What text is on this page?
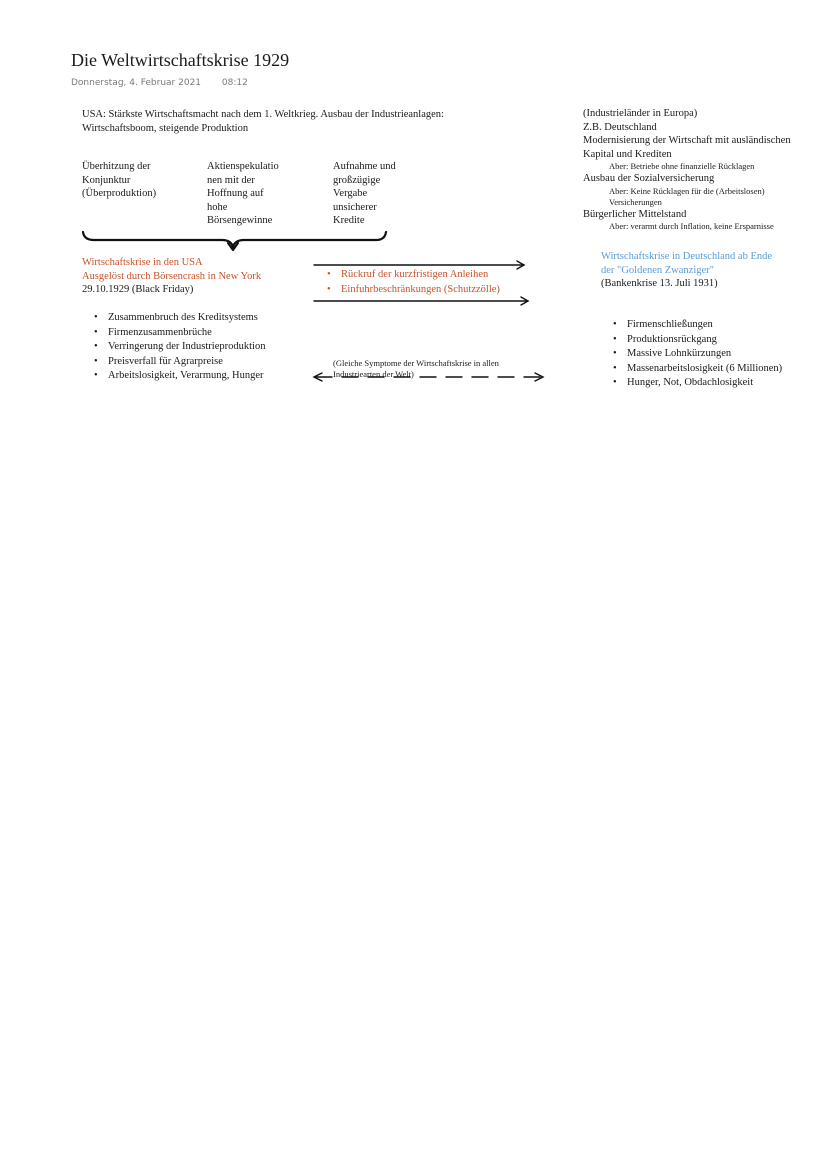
Die Weltwirtschaftskrise 1929
Donnerstag, 4. Februar 2021 08:12
USA: Stärkste Wirtschaftsmacht nach dem 1. Weltkrieg. Ausbau der Industrieanlagen:
Wirtschaftsboom, steigende Produktion
Überhitzung der
Konjunktur
(Überproduktion)
Aktienspekulatio
nen mit der
Hoffnung auf
hohe
Börsengewinne
Aufnahme und
großzügige
Vergabe
unsicherer
Kredite
Wirtschaftskrise in den USA
Ausgelöst durch Börsencrash in New York
29.10.1929 (Black Friday)
• Zusammenbruch des Kreditsystems
• Firmenzusammenbrüche
• Verringerung der Industrieproduktion
• Preisverfall für Agrarpreise
• Arbeitslosigkeit, Verarmung, Hunger
• Rückruf der kurzfristigen Anleihen
• Einfuhrbeschränkungen (Schutzzölle)
(Gleiche Symptome der Wirtschaftskrise in allen
Industriearten der Welt)
(Industrieländer in Europa)
Z.B. Deutschland
Modernisierung der Wirtschaft mit ausländischen
Kapital und Krediten
Aber: Betriebe ohne finanzielle Rücklagen
Ausbau der Sozialversicherung
Aber: Keine Rücklagen für die (Arbeitslosen)
Versicherungen
Bürgerlicher Mittelstand
Aber: verarmt durch Inflation, keine Ersparnisse
Wirtschaftskrise in Deutschland ab Ende
der "Goldenen Zwanziger"
(Bankenkrise 13. Juli 1931)
• Firmenschließungen
• Produktionsrückgang
• Massive Lohnkürzungen
• Massenarbeitslosigkeit (6 Millionen)
• Hunger, Not, Obdachlosigkeit
